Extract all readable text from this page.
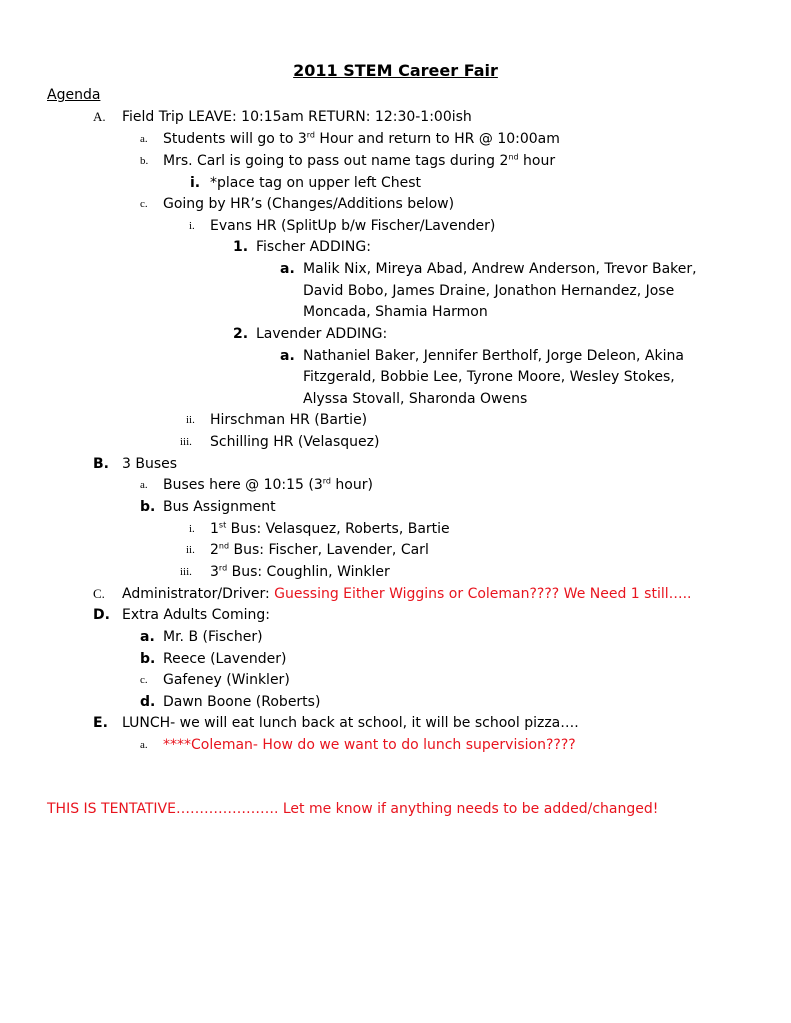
2011 STEM Career Fair
Agenda
A. Field Trip LEAVE: 10:15am RETURN: 12:30-1:00ish
a. Students will go to 3rd Hour and return to HR @ 10:00am
b. Mrs. Carl is going to pass out name tags during 2nd hour
i. *place tag on upper left Chest
c. Going by HR’s (Changes/Additions below)
i. Evans HR (SplitUp b/w Fischer/Lavender)
1. Fischer ADDING:
a. Malik Nix, Mireya Abad, Andrew Anderson, Trevor Baker,
David Bobo, James Draine, Jonathon Hernandez, Jose
Moncada, Shamia Harmon
2. Lavender ADDING:
a. Nathaniel Baker, Jennifer Bertholf, Jorge Deleon, Akina
Fitzgerald, Bobbie Lee, Tyrone Moore, Wesley Stokes,
Alyssa Stovall, Sharonda Owens
ii. Hirschman HR (Bartie)
iii. Schilling HR (Velasquez)
B. 3 Buses
a. Buses here @ 10:15 (3rd hour)
b. Bus Assignment
i. 1st Bus: Velasquez, Roberts, Bartie
ii. 2nd Bus: Fischer, Lavender, Carl
iii. 3rd Bus: Coughlin, Winkler
C. Administrator/Driver: Guessing Either Wiggins or Coleman???? We Need 1 still…..
D. Extra Adults Coming:
a. Mr. B (Fischer)
b. Reece (Lavender)
c. Gafeney (Winkler)
d. Dawn Boone (Roberts)
E. LUNCH- we will eat lunch back at school, it will be school pizza….
a. ****Coleman- How do we want to do lunch supervision????
THIS IS TENTATIVE…………………. Let me know if anything needs to be added/changed!
